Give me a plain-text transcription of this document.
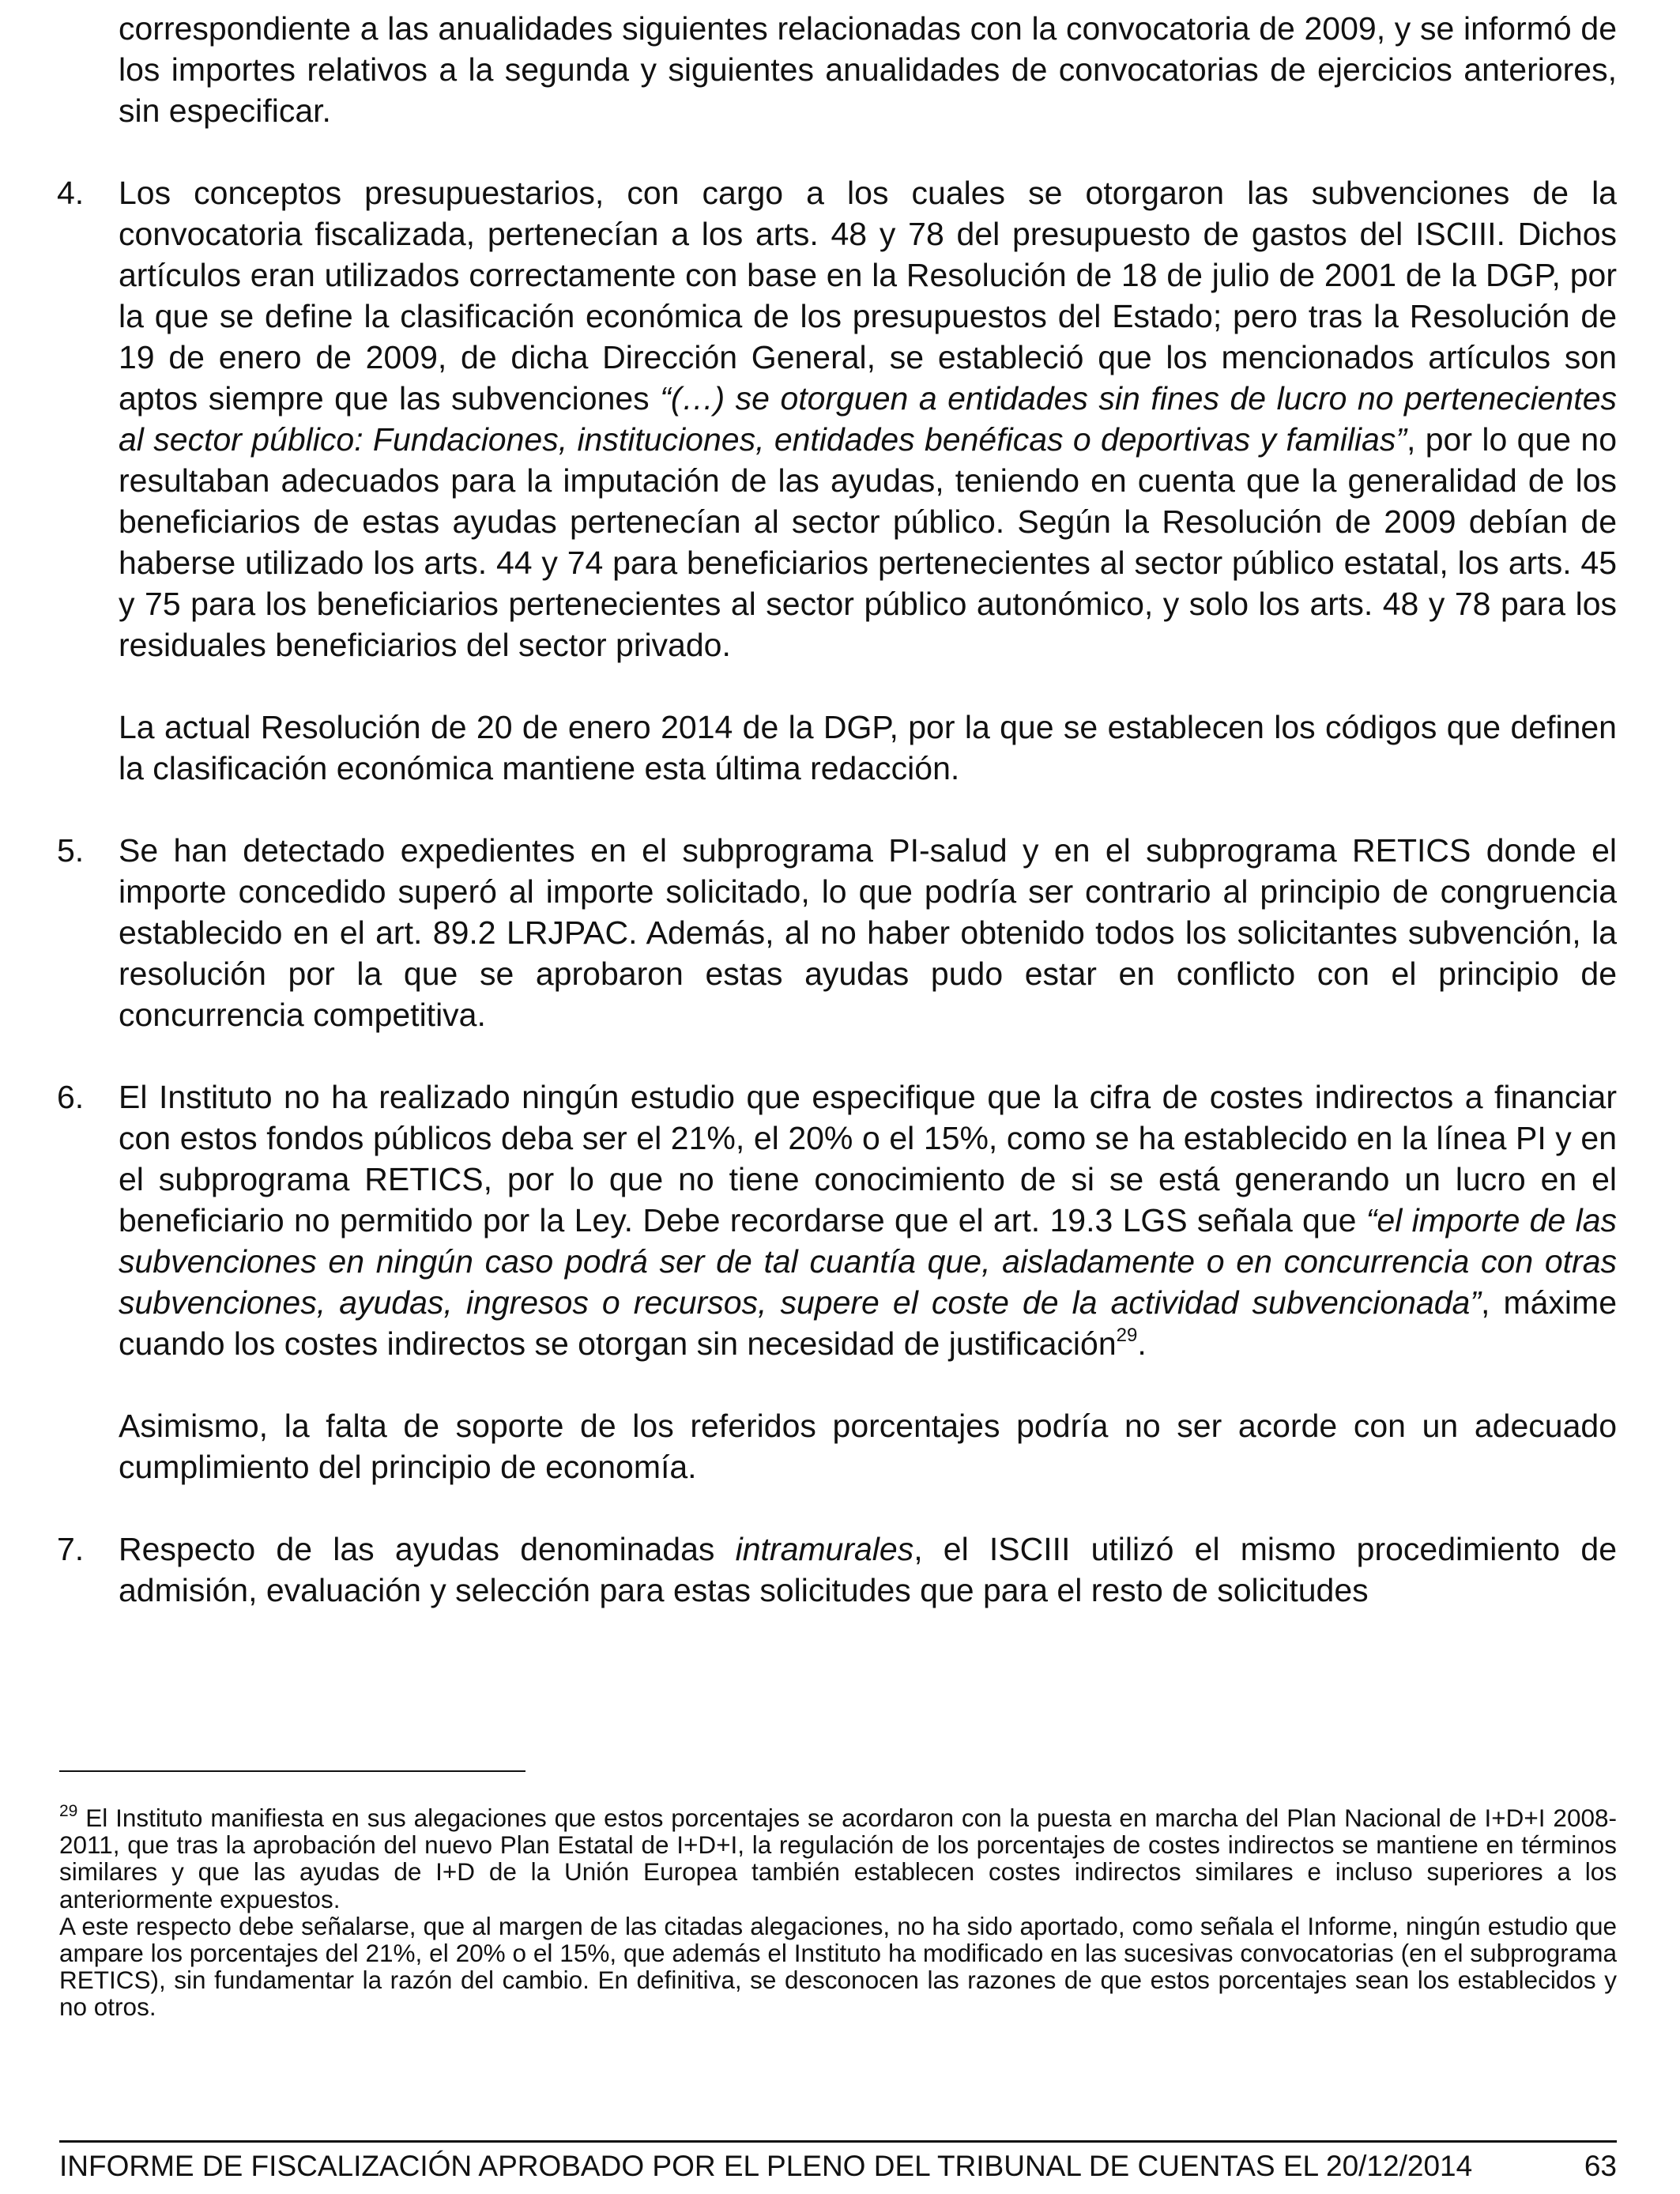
correspondiente a las anualidades siguientes relacionadas con la convocatoria de 2009, y se informó de los importes relativos a la segunda y siguientes anualidades de convocatorias de ejercicios anteriores, sin especificar.

4. Los conceptos presupuestarios, con cargo a los cuales se otorgaron las subvenciones de la convocatoria fiscalizada, pertenecían a los arts. 48 y 78 del presupuesto de gastos del ISCIII. Dichos artículos eran utilizados correctamente con base en la Resolución de 18 de julio de 2001 de la DGP, por la que se define la clasificación económica de los presupuestos del Estado; pero tras la Resolución de 19 de enero de 2009, de dicha Dirección General, se estableció que los mencionados artículos son aptos siempre que las subvenciones “(…) se otorguen a entidades sin fines de lucro no pertenecientes al sector público: Fundaciones, instituciones, entidades benéficas o deportivas y familias”, por lo que no resultaban adecuados para la imputación de las ayudas, teniendo en cuenta que la generalidad de los beneficiarios de estas ayudas pertenecían al sector público. Según la Resolución de 2009 debían de haberse utilizado los arts. 44 y 74 para beneficiarios pertenecientes al sector público estatal, los arts. 45 y 75 para los beneficiarios pertenecientes al sector público autonómico, y solo los arts. 48 y 78 para los residuales beneficiarios del sector privado.

La actual Resolución de 20 de enero 2014 de la DGP, por la que se establecen los códigos que definen la clasificación económica mantiene esta última redacción.

5. Se han detectado expedientes en el subprograma PI-salud y en el subprograma RETICS donde el importe concedido superó al importe solicitado, lo que podría ser contrario al principio de congruencia establecido en el art. 89.2 LRJPAC. Además, al no haber obtenido todos los solicitantes subvención, la resolución por la que se aprobaron estas ayudas pudo estar en conflicto con el principio de concurrencia competitiva.

6. El Instituto no ha realizado ningún estudio que especifique que la cifra de costes indirectos a financiar con estos fondos públicos deba ser el 21%, el 20% o el 15%, como se ha establecido en la línea PI y en el subprograma RETICS, por lo que no tiene conocimiento de si se está generando un lucro en el beneficiario no permitido por la Ley. Debe recordarse que el art. 19.3 LGS señala que “el importe de las subvenciones en ningún caso podrá ser de tal cuantía que, aisladamente o en concurrencia con otras subvenciones, ayudas, ingresos o recursos, supere el coste de la actividad subvencionada”, máxime cuando los costes indirectos se otorgan sin necesidad de justificación$^{29}$.

Asimismo, la falta de soporte de los referidos porcentajes podría no ser acorde con un adecuado cumplimiento del principio de economía.

7. Respecto de las ayudas denominadas intramurales, el ISCIII utilizó el mismo procedimiento de admisión, evaluación y selección para estas solicitudes que para el resto de solicitudes

$^{29}$ El Instituto manifiesta en sus alegaciones que estos porcentajes se acordaron con la puesta en marcha del Plan Nacional de I+D+I 2008-2011, que tras la aprobación del nuevo Plan Estatal de I+D+I, la regulación de los porcentajes de costes indirectos se mantiene en términos similares y que las ayudas de I+D de la Unión Europea también establecen costes indirectos similares e incluso superiores a los anteriormente expuestos.

A este respecto debe señalarse, que al margen de las citadas alegaciones, no ha sido aportado, como señala el Informe, ningún estudio que ampare los porcentajes del 21%, el 20% o el 15%, que además el Instituto ha modificado en las sucesivas convocatorias (en el subprograma RETICS), sin fundamentar la razón del cambio. En definitiva, se desconocen las razones de que estos porcentajes sean los establecidos y no otros.

INFORME DE FISCALIZACIÓN APROBADO POR EL PLENO DEL TRIBUNAL DE CUENTAS EL 20/12/2014	63
